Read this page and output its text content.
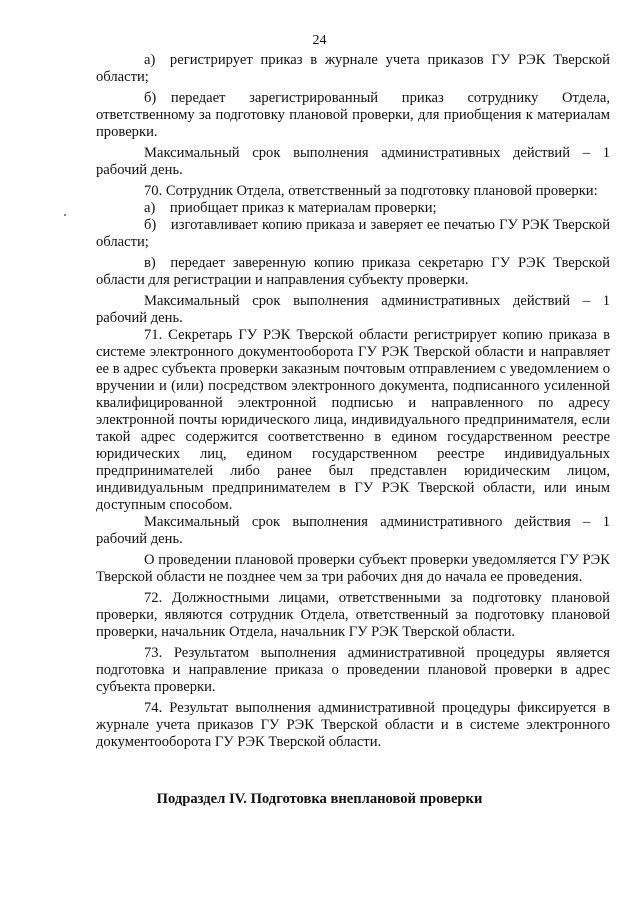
24

а) регистрирует приказ в журнале учета приказов ГУ РЭК Тверской области;

б) передает зарегистрированный приказ сотруднику Отдела, ответственному за подготовку плановой проверки, для приобщения к материалам проверки.

Максимальный срок выполнения административных действий – 1 рабочий день.

70. Сотрудник Отдела, ответственный за подготовку плановой проверки:

а) приобщает приказ к материалам проверки;

б) изготавливает копию приказа и заверяет ее печатью ГУ РЭК Тверской области;

в) передает заверенную копию приказа секретарю ГУ РЭК Тверской области для регистрации и направления субъекту проверки.

Максимальный срок выполнения административных действий – 1 рабочий день.

71. Секретарь ГУ РЭК Тверской области регистрирует копию приказа в системе электронного документооборота ГУ РЭК Тверской области и направляет ее в адрес субъекта проверки заказным почтовым отправлением с уведомлением о вручении и (или) посредством электронного документа, подписанного усиленной квалифицированной электронной подписью и направленного по адресу электронной почты юридического лица, индивидуального предпринимателя, если такой адрес содержится соответственно в едином государственном реестре юридических лиц, едином государственном реестре индивидуальных предпринимателей либо ранее был представлен юридическим лицом, индивидуальным предпринимателем в ГУ РЭК Тверской области, или иным доступным способом.

Максимальный срок выполнения административного действия – 1 рабочий день.

О проведении плановой проверки субъект проверки уведомляется ГУ РЭК Тверской области не позднее чем за три рабочих дня до начала ее проведения.

72. Должностными лицами, ответственными за подготовку плановой проверки, являются сотрудник Отдела, ответственный за подготовку плановой проверки, начальник Отдела, начальник ГУ РЭК Тверской области.

73. Результатом выполнения административной процедуры является подготовка и направление приказа о проведении плановой проверки в адрес субъекта проверки.

74. Результат выполнения административной процедуры фиксируется в журнале учета приказов ГУ РЭК Тверской области и в системе электронного документооборота ГУ РЭК Тверской области.

Подраздел IV. Подготовка внеплановой проверки
